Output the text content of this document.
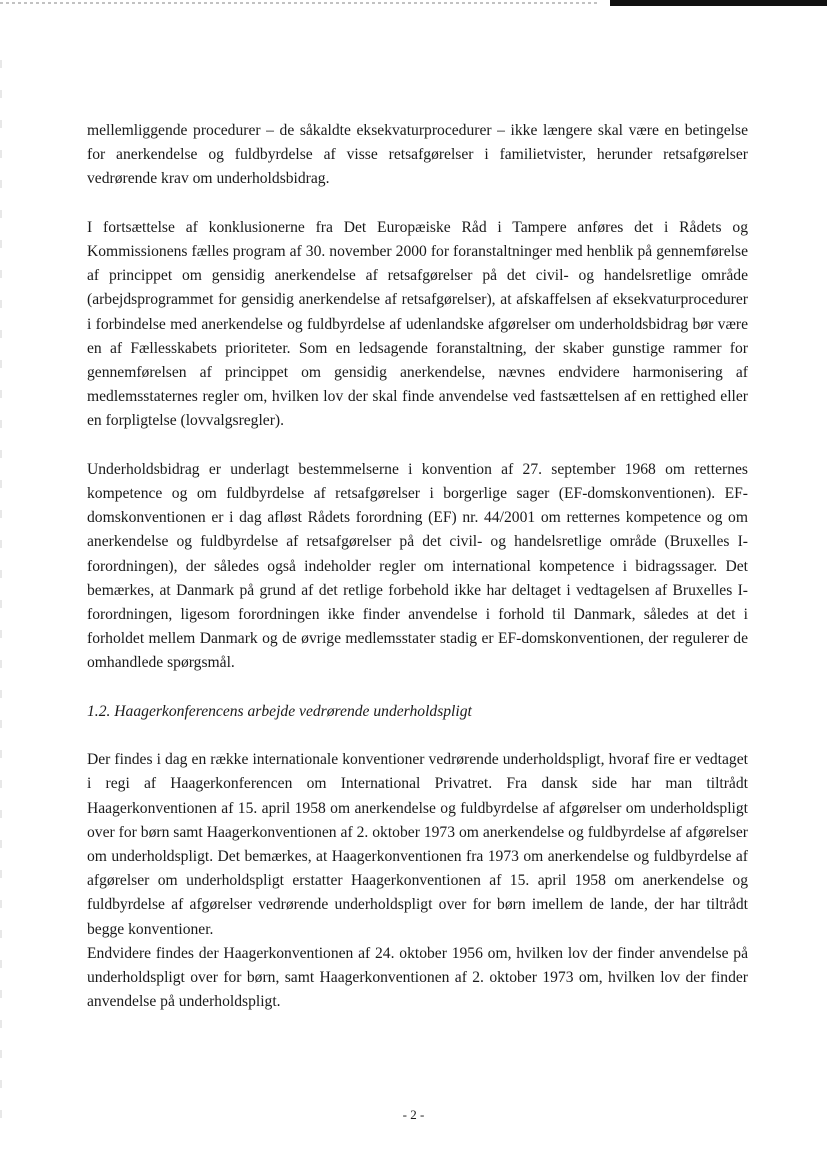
mellemliggende procedurer – de såkaldte eksekvaturprocedurer – ikke længere skal være en betingelse for anerkendelse og fuldbyrdelse af visse retsafgørelser i familietvister, herunder retsafgørelser vedrørende krav om underholdsbidrag.

I fortsættelse af konklusionerne fra Det Europæiske Råd i Tampere anføres det i Rådets og Kommissionens fælles program af 30. november 2000 for foranstaltninger med henblik på gennemførelse af princippet om gensidig anerkendelse af retsafgørelser på det civil- og handelsretlige område (arbejdsprogrammet for gensidig anerkendelse af retsafgørelser), at afskaffelsen af eksekvaturprocedurer i forbindelse med anerkendelse og fuldbyrdelse af udenlandske afgørelser om underholdsbidrag bør være en af Fællesskabets prioriteter. Som en ledsagende foranstaltning, der skaber gunstige rammer for gennemførelsen af princippet om gensidig anerkendelse, nævnes endvidere harmonisering af medlemsstaternes regler om, hvilken lov der skal finde anvendelse ved fastsættelsen af en rettighed eller en forpligtelse (lovvalgsregler).

Underholdsbidrag er underlagt bestemmelserne i konvention af 27. september 1968 om retternes kompetence og om fuldbyrdelse af retsafgørelser i borgerlige sager (EF-domskonventionen). EF-domskonventionen er i dag afløst Rådets forordning (EF) nr. 44/2001 om retternes kompetence og om anerkendelse og fuldbyrdelse af retsafgørelser på det civil- og handelsretlige område (Bruxelles I-forordningen), der således også indeholder regler om international kompetence i bidragssager. Det bemærkes, at Danmark på grund af det retlige forbehold ikke har deltaget i vedtagelsen af Bruxelles I-forordningen, ligesom forordningen ikke finder anvendelse i forhold til Danmark, således at det i forholdet mellem Danmark og de øvrige medlemsstater stadig er EF-domskonventionen, der regulerer de omhandlede spørgsmål.

1.2. Haagerkonferencens arbejde vedrørende underholdspligt

Der findes i dag en række internationale konventioner vedrørende underholdspligt, hvoraf fire er vedtaget i regi af Haagerkonferencen om International Privatret. Fra dansk side har man tiltrådt Haagerkonventionen af 15. april 1958 om anerkendelse og fuldbyrdelse af afgørelser om underholdspligt over for børn samt Haagerkonventionen af 2. oktober 1973 om anerkendelse og fuldbyrdelse af afgørelser om underholdspligt. Det bemærkes, at Haagerkonventionen fra 1973 om anerkendelse og fuldbyrdelse af afgørelser om underholdspligt erstatter Haagerkonventionen af 15. april 1958 om anerkendelse og fuldbyrdelse af afgørelser vedrørende underholdspligt over for børn imellem de lande, der har tiltrådt begge konventioner.

Endvidere findes der Haagerkonventionen af 24. oktober 1956 om, hvilken lov der finder anvendelse på underholdspligt over for børn, samt Haagerkonventionen af 2. oktober 1973 om, hvilken lov der finder anvendelse på underholdspligt.

- 2 -
